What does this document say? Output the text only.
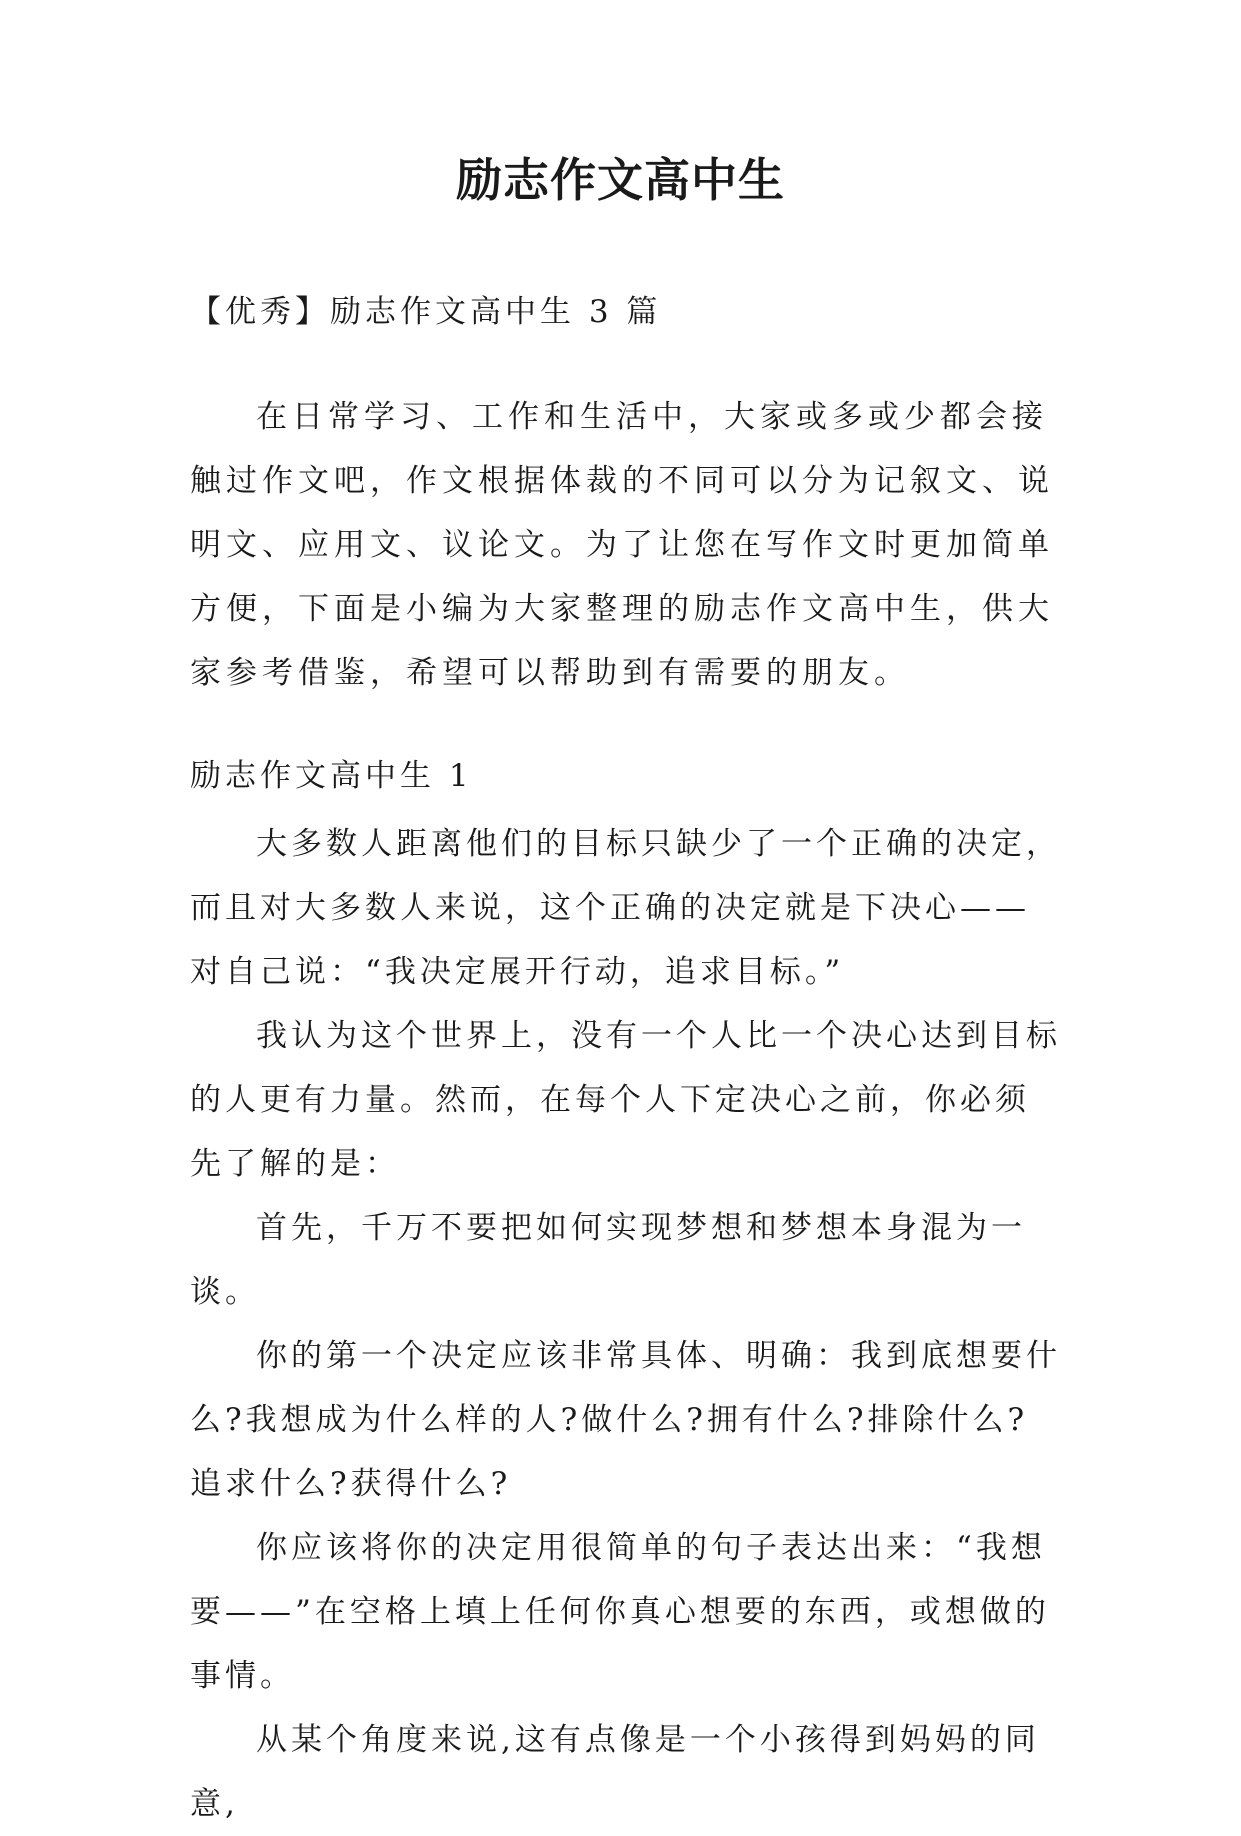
励志作文高中生

【优秀】励志作文高中生 3 篇

在日常学习、工作和生活中，大家或多或少都会接触过作文吧，作文根据体裁的不同可以分为记叙文、说明文、应用文、议论文。为了让您在写作文时更加简单方便，下面是小编为大家整理的励志作文高中生，供大家参考借鉴，希望可以帮助到有需要的朋友。

励志作文高中生 1

大多数人距离他们的目标只缺少了一个正确的决定，而且对大多数人来说，这个正确的决定就是下决心——对自己说：“我决定展开行动，追求目标。”

我认为这个世界上，没有一个人比一个决心达到目标的人更有力量。然而，在每个人下定决心之前，你必须先了解的是：

首先，千万不要把如何实现梦想和梦想本身混为一谈。

你的第一个决定应该非常具体、明确：我到底想要什么?我想成为什么样的人?做什么?拥有什么?排除什么?追求什么?获得什么?

你应该将你的决定用很简单的句子表达出来：“我想要——”在空格上填上任何你真心想要的东西，或想做的事情。

从某个角度来说,这有点像是一个小孩得到妈妈的同意,
